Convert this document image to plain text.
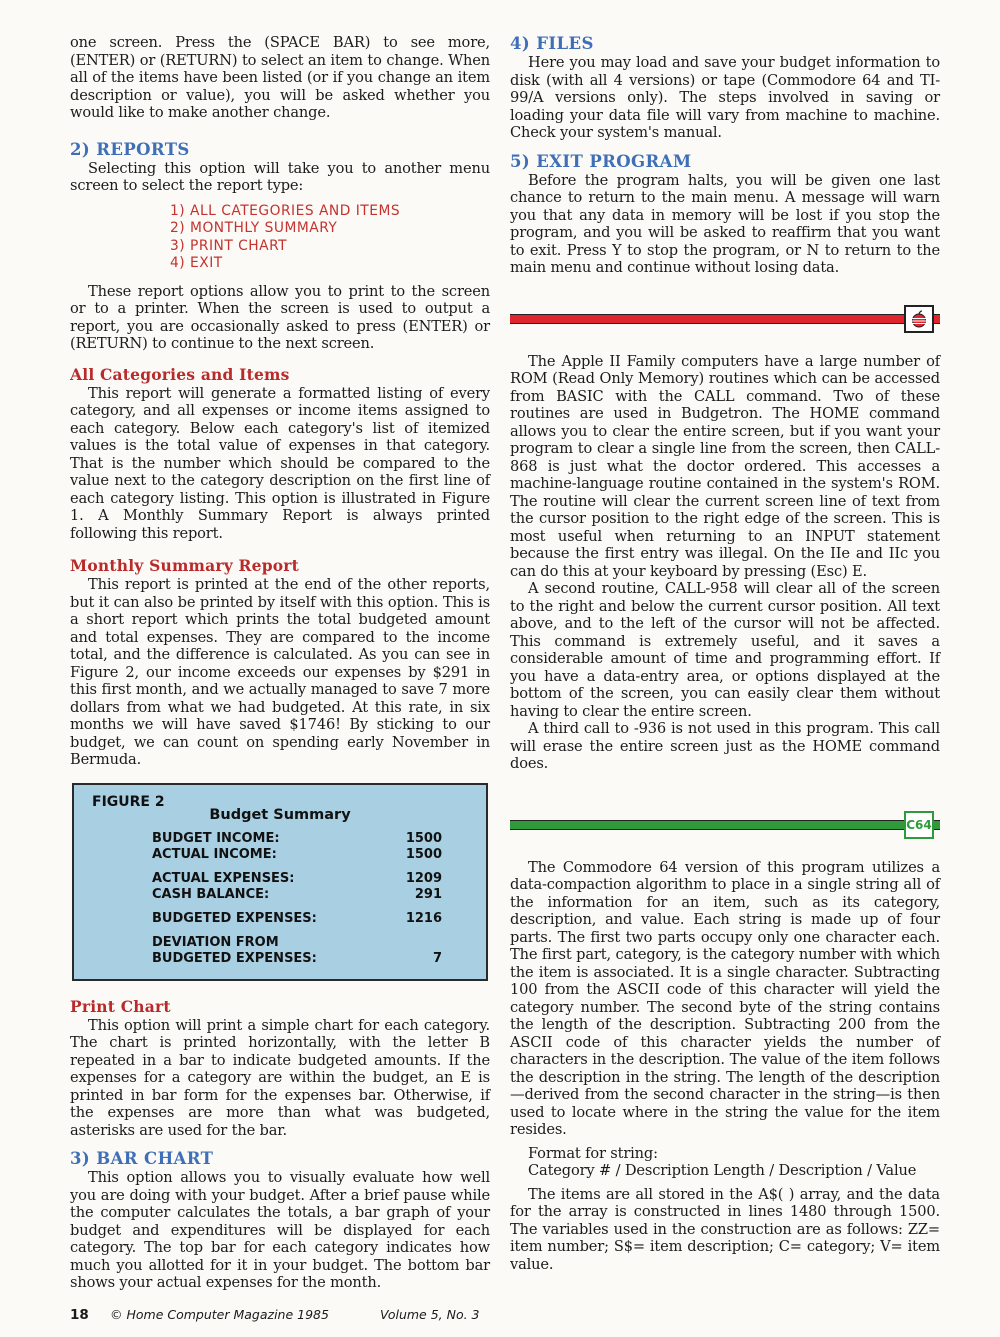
one screen. Press the (SPACE BAR) to see more, (ENTER) or (RETURN) to select an item to change. When all of the items have been listed (or if you change an item description or value), you will be asked whether you would like to make another change.

2) REPORTS

Selecting this option will take you to another menu screen to select the report type:

1) ALL CATEGORIES AND ITEMS
2) MONTHLY SUMMARY
3) PRINT CHART
4) EXIT

These report options allow you to print to the screen or to a printer. When the screen is used to output a report, you are occasionally asked to press (ENTER) or (RETURN) to continue to the next screen.

All Categories and Items

This report will generate a formatted listing of every category, and all expenses or income items assigned to each category. Below each category's list of itemized values is the total value of expenses in that category. That is the number which should be compared to the value next to the category description on the first line of each category listing. This option is illustrated in Figure 1. A Monthly Summary Report is always printed following this report.

Monthly Summary Report

This report is printed at the end of the other reports, but it can also be printed by itself with this option. This is a short report which prints the total budgeted amount and total expenses. They are compared to the income total, and the difference is calculated. As you can see in Figure 2, our income exceeds our expenses by $291 in this first month, and we actually managed to save 7 more dollars from what we had budgeted. At this rate, in six months we will have saved $1746! By sticking to our budget, we can count on spending early November in Bermuda.

FIGURE 2
Budget Summary
BUDGET INCOME:	1500
ACTUAL INCOME:	1500
ACTUAL EXPENSES:	1209
CASH BALANCE:	291
BUDGETED EXPENSES:	1216
DEVIATION FROM
BUDGETED EXPENSES:	7
Print Chart

This option will print a simple chart for each category. The chart is printed horizontally, with the letter B repeated in a bar to indicate budgeted amounts. If the expenses for a category are within the budget, an E is printed in bar form for the expenses bar. Otherwise, if the expenses are more than what was budgeted, asterisks are used for the bar.

3) BAR CHART

This option allows you to visually evaluate how well you are doing with your budget. After a brief pause while the computer calculates the totals, a bar graph of your budget and expenditures will be displayed for each category. The top bar for each category indicates how much you allotted for it in your budget. The bottom bar shows your actual expenses for the month.

4) FILES

Here you may load and save your budget information to disk (with all 4 versions) or tape (Commodore 64 and TI-99/A versions only). The steps involved in saving or loading your data file will vary from machine to machine. Check your system's manual.

5) EXIT PROGRAM

Before the program halts, you will be given one last chance to return to the main menu. A message will warn you that any data in memory will be lost if you stop the program, and you will be asked to reaffirm that you want to exit. Press Y to stop the program, or N to return to the main menu and continue without losing data.

The Apple II Family computers have a large number of ROM (Read Only Memory) routines which can be accessed from BASIC with the CALL command. Two of these routines are used in Budgetron. The HOME command allows you to clear the entire screen, but if you want your program to clear a single line from the screen, then CALL-868 is just what the doctor ordered. This accesses a machine-language routine contained in the system's ROM. The routine will clear the current screen line of text from the cursor position to the right edge of the screen. This is most useful when returning to an INPUT statement because the first entry was illegal. On the IIe and IIc you can do this at your keyboard by pressing (Esc) E.

A second routine, CALL-958 will clear all of the screen to the right and below the current cursor position. All text above, and to the left of the cursor will not be affected. This command is extremely useful, and it saves a considerable amount of time and programming effort. If you have a data-entry area, or options displayed at the bottom of the screen, you can easily clear them without having to clear the entire screen.

A third call to -936 is not used in this program. This call will erase the entire screen just as the HOME command does.

C64

The Commodore 64 version of this program utilizes a data-compaction algorithm to place in a single string all of the information for an item, such as its category, description, and value. Each string is made up of four parts. The first two parts occupy only one character each. The first part, category, is the category number with which the item is associated. It is a single character. Subtracting 100 from the ASCII code of this character will yield the category number. The second byte of the string contains the length of the description. Subtracting 200 from the ASCII code of this character yields the number of characters in the description. The value of the item follows the description in the string. The length of the description—derived from the second character in the string—is then used to locate where in the string the value for the item resides.

Format for string:

Category # / Description Length / Description / Value

The items are all stored in the A$( ) array, and the data for the array is constructed in lines 1480 through 1500. The variables used in the construction are as follows: ZZ= item number; S$= item description; C= category; V= item value.

18 © Home Computer Magazine 1985	Volume 5, No. 3
